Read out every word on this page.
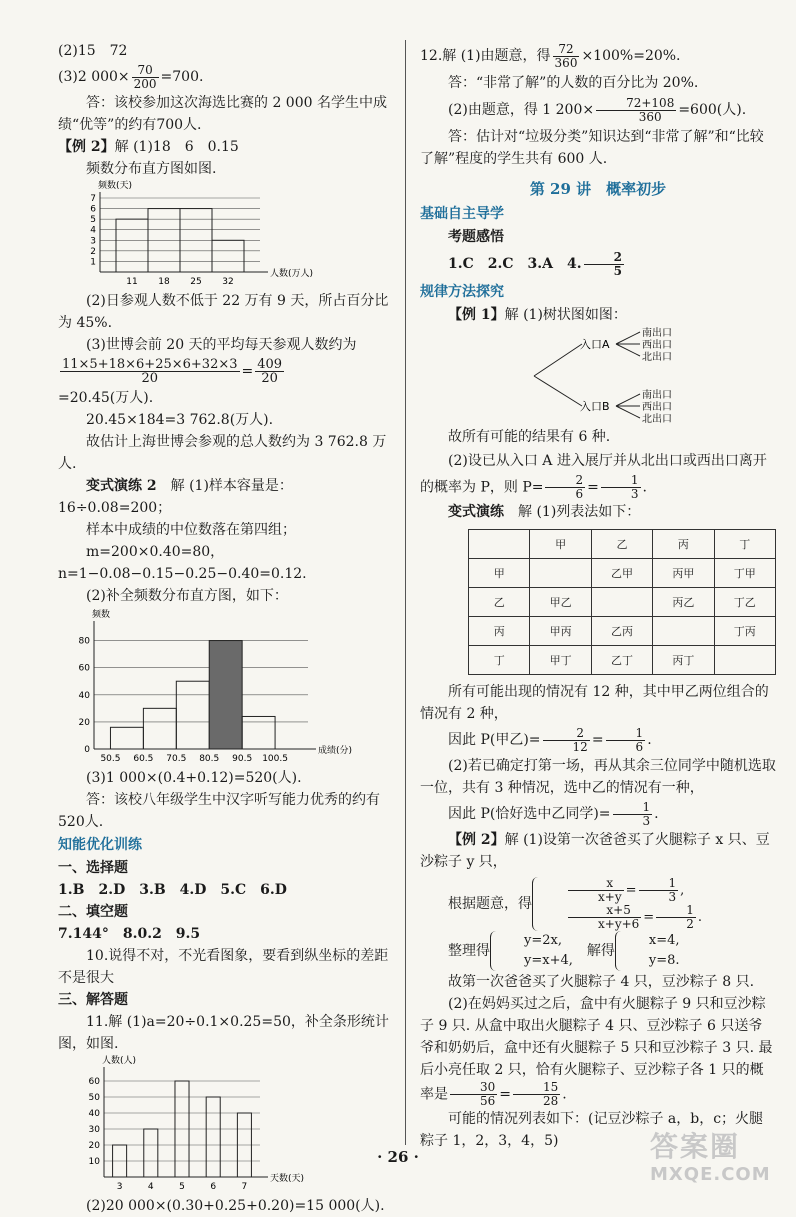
(2)15　72

(3)2 $000\times \frac{70}{200} =700$.

答：该校参加这次海选比赛的 2 000 名学生中成绩“优等”的约有700人.

【例 2】解 (1)18　6　0.15

频数分布直方图如图.

1
2
3
4
5
6
7
频数(天)
人数(万人)
11 18 25 32

(2)日参观人数不低于 22 万有 9 天，所占百分比为 45%.

(3)世博会前 20 天的平均每天参观人数约为

$\frac{11\times 5+18\times 6+25\times 6+32\times 3}{20} = \frac{409}{20}$

=20.45(万人).

20.45×184=3 762.8(万人).

故估计上海世博会参观的总人数约为 3 762.8 万人.

变式演练 2　 解 (1)样本容量是：16÷0.08=200；

样本中成绩的中位数落在第四组；

m=200×0.40=80，n=1−0.08−0.15−0.25−0.40=0.12.

(2)补全频数分布直方图，如下：

0
20
40
60
80
频数
成绩(分)
50.5 60.5 70.5 80.5 90.5 100.5

(3)1 000×(0.4+0.12)=520(人).

答：该校八年级学生中汉字听写能力优秀的约有520人.

知能优化训练

一、选择题

1.B　2.D　3.B　4.D　5.C　6.D

二、填空题

7.144°　8.0.2　9.5

10.说得不对，不光看图象，要看到纵坐标的差距不是很大

三、解答题

11.解 (1)a=20÷0.1×0.25=50，补全条形统计图，如图.

10
20
30
40
50
60
人数(人)
天数(天)
3	4	5	6	7

(2)20 000×(0.30+0.25+0.20)=15 000(人).

12.解 (1)由题意，得 $\frac{72}{360} \times 100\%=20\%$.

答：“非常了解”的人数的百分比为 20%.

(2)由题意，得 1 $200\times \frac{72+108}{360} =600$(人).

答：估计对“垃圾分类”知识达到“非常了解”和“比较了解”程度的学生共有 600 人.

第 29 讲　概率初步

基础自主导学

考题感悟

1.C　2.C　3.A　4. $\frac{2}{5}$

规律方法探究

【例 1】解 (1)树状图如图：

入口A
入口B
南出口
西出口
北出口
南出口
西出口
北出口

故所有可能的结果有 6 种.

(2)设已从入口 A 进入展厅并从北出口或西出口离开的概率为 P，则 $P= \frac{2}{6} = \frac{1}{3}$ .

变式演练　 解 (1)列表法如下：

	甲	乙	丙	丁
甲		乙甲	丙甲	丁甲
乙	甲乙		丙乙	丁乙
丙	甲丙	乙丙		丁丙
丁	甲丁	乙丁	丙丁	

所有可能出现的情况有 12 种，其中甲乙两位组合的情况有 2 种，

因此 P(甲乙)= $\frac{2}{12} = \frac{1}{6}$ .

(2)若已确定打第一场，再从其余三位同学中随机选取一位，共有 3 种情况，选中乙的情况有一种，

因此 P(恰好选中乙同学)= $\frac{1}{3}$ .

【例 2】解 (1)设第一次爸爸买了火腿粽子 x 只、豆沙粽子 y 只，

根据题意，得	$\frac{x}{x+y} = \frac{1}{3}$ ,
$\frac{x+5}{x+y+6} = \frac{1}{2}$ .

整理得
y=2x,
y=x+4,
　解得
x=4,
y=8.

故第一次爸爸买了火腿粽子 4 只，豆沙粽子 8 只.

(2)在妈妈买过之后，盒中有火腿粽子 9 只和豆沙粽子 9 只. 从盒中取出火腿粽子 4 只、豆沙粽子 6 只送爷爷和奶奶后，盒中还有火腿粽子 5 只和豆沙粽子 3 只. 最后小亮任取 2 只，恰有火腿粽子、豆沙粽子各 1 只的概率是 $\frac{30}{56} = \frac{15}{28}$ .

可能的情况列表如下：(记豆沙粽子 a，b，c；火腿粽子 1，2，3，4，5)

· 26 ·	答案圈
MXQE.COM
